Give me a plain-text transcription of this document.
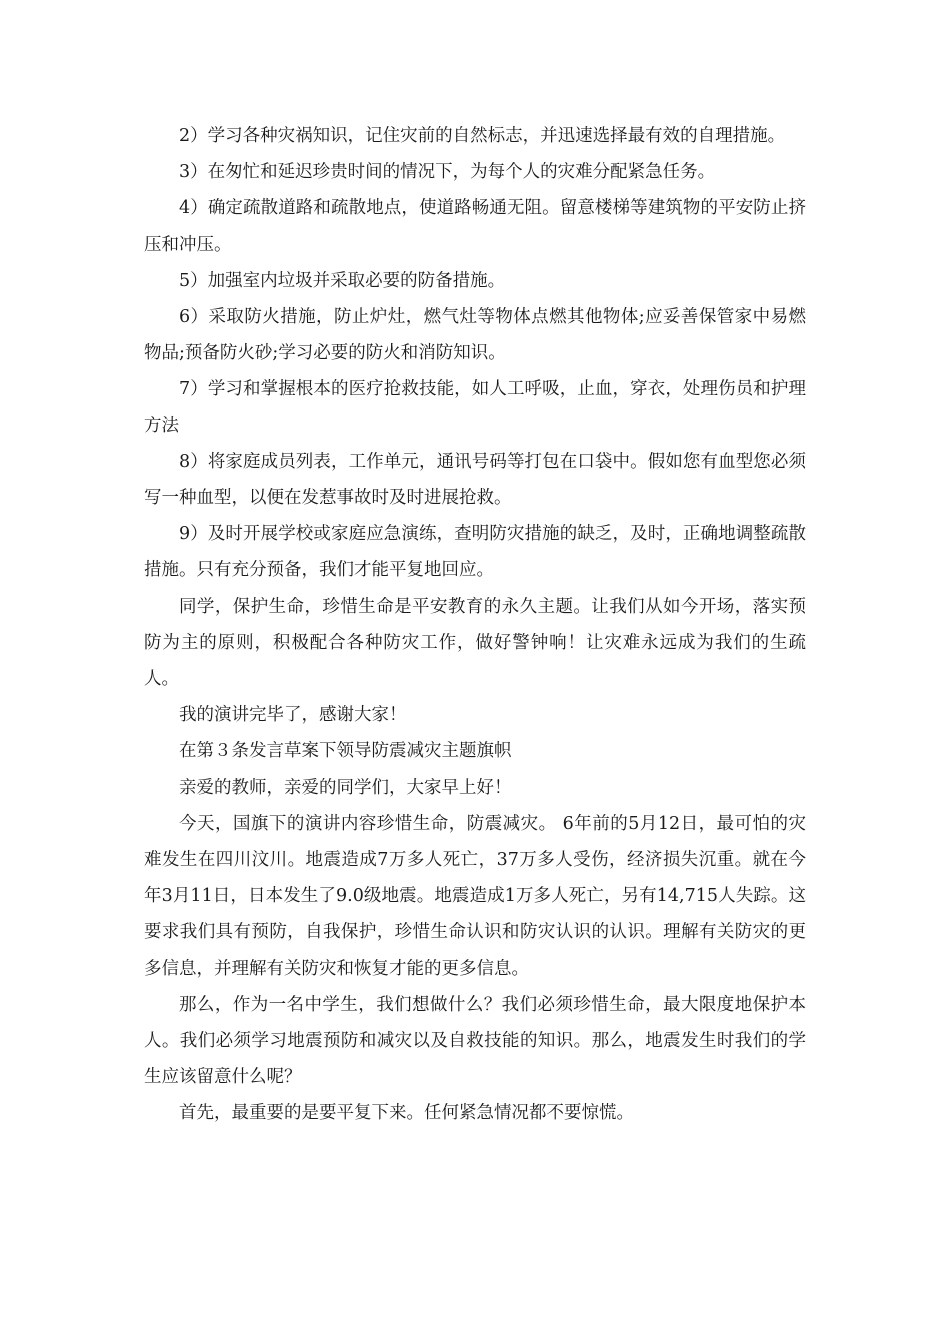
2）学习各种灾祸知识，记住灾前的自然标志，并迅速选择最有效的自理措施。

3）在匆忙和延迟珍贵时间的情况下，为每个人的灾难分配紧急任务。

4）确定疏散道路和疏散地点，使道路畅通无阻。留意楼梯等建筑物的平安防止挤压和冲压。

5）加强室内垃圾并采取必要的防备措施。

6）采取防火措施，防止炉灶，燃气灶等物体点燃其他物体;应妥善保管家中易燃物品;预备防火砂;学习必要的防火和消防知识。

7）学习和掌握根本的医疗抢救技能，如人工呼吸，止血，穿衣，处理伤员和护理方法

8）将家庭成员列表，工作单元，通讯号码等打包在口袋中。假如您有血型您必须写一种血型，以便在发惹事故时及时进展抢救。

9）及时开展学校或家庭应急演练，查明防灾措施的缺乏，及时，正确地调整疏散措施。只有充分预备，我们才能平复地回应。

同学，保护生命，珍惜生命是平安教育的永久主题。让我们从如今开场，落实预防为主的原则，积极配合各种防灾工作，做好警钟响！让灾难永远成为我们的生疏人。

我的演讲完毕了，感谢大家！

在第３条发言草案下领导防震减灾主题旗帜

亲爱的教师，亲爱的同学们，大家早上好！

今天，国旗下的演讲内容珍惜生命，防震减灾。 6年前的5月12日，最可怕的灾难发生在四川汶川。地震造成7万多人死亡，37万多人受伤，经济损失沉重。就在今年3月11日，日本发生了9.0级地震。地震造成1万多人死亡，另有14,715人失踪。这要求我们具有预防，自我保护，珍惜生命认识和防灾认识的认识。理解有关防灾的更多信息，并理解有关防灾和恢复才能的更多信息。

那么，作为一名中学生，我们想做什么？我们必须珍惜生命，最大限度地保护本人。我们必须学习地震预防和减灾以及自救技能的知识。那么，地震发生时我们的学生应该留意什么呢？

首先，最重要的是要平复下来。任何紧急情况都不要惊慌。
